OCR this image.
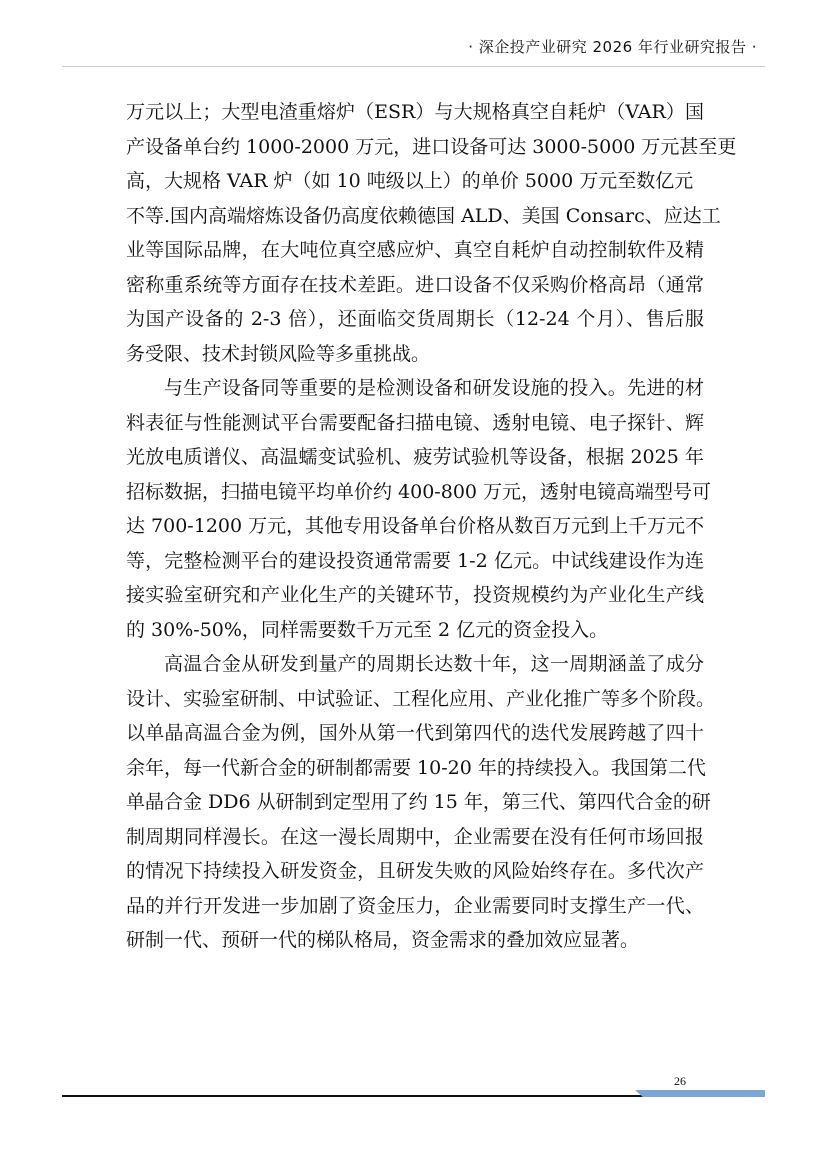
· 深企投产业研究 2026 年行业研究报告 ·
万元以上；大型电渣重熔炉（ESR）与大规格真空自耗炉（VAR）国
产设备单台约 1000-2000 万元，进口设备可达 3000-5000 万元甚至更
高，大规格 VAR 炉（如 10 吨级以上）的单价 5000 万元至数亿元
不等.国内高端熔炼设备仍高度依赖德国 ALD、美国 Consarc、应达工
业等国际品牌，在大吨位真空感应炉、真空自耗炉自动控制软件及精
密称重系统等方面存在技术差距。进口设备不仅采购价格高昂（通常
为国产设备的 2-3 倍），还面临交货周期长（12-24 个月）、售后服
务受限、技术封锁风险等多重挑战。
与生产设备同等重要的是检测设备和研发设施的投入。先进的材
料表征与性能测试平台需要配备扫描电镜、透射电镜、电子探针、辉
光放电质谱仪、高温蠕变试验机、疲劳试验机等设备，根据 2025 年
招标数据，扫描电镜平均单价约 400-800 万元，透射电镜高端型号可
达 700-1200 万元，其他专用设备单台价格从数百万元到上千万元不
等，完整检测平台的建设投资通常需要 1-2 亿元。中试线建设作为连
接实验室研究和产业化生产的关键环节，投资规模约为产业化生产线
的 30%-50%，同样需要数千万元至 2 亿元的资金投入。
高温合金从研发到量产的周期长达数十年，这一周期涵盖了成分
设计、实验室研制、中试验证、工程化应用、产业化推广等多个阶段。
以单晶高温合金为例，国外从第一代到第四代的迭代发展跨越了四十
余年，每一代新合金的研制都需要 10-20 年的持续投入。我国第二代
单晶合金 DD6 从研制到定型用了约 15 年，第三代、第四代合金的研
制周期同样漫长。在这一漫长周期中，企业需要在没有任何市场回报
的情况下持续投入研发资金，且研发失败的风险始终存在。多代次产
品的并行开发进一步加剧了资金压力，企业需要同时支撑生产一代、
研制一代、预研一代的梯队格局，资金需求的叠加效应显著。
26
